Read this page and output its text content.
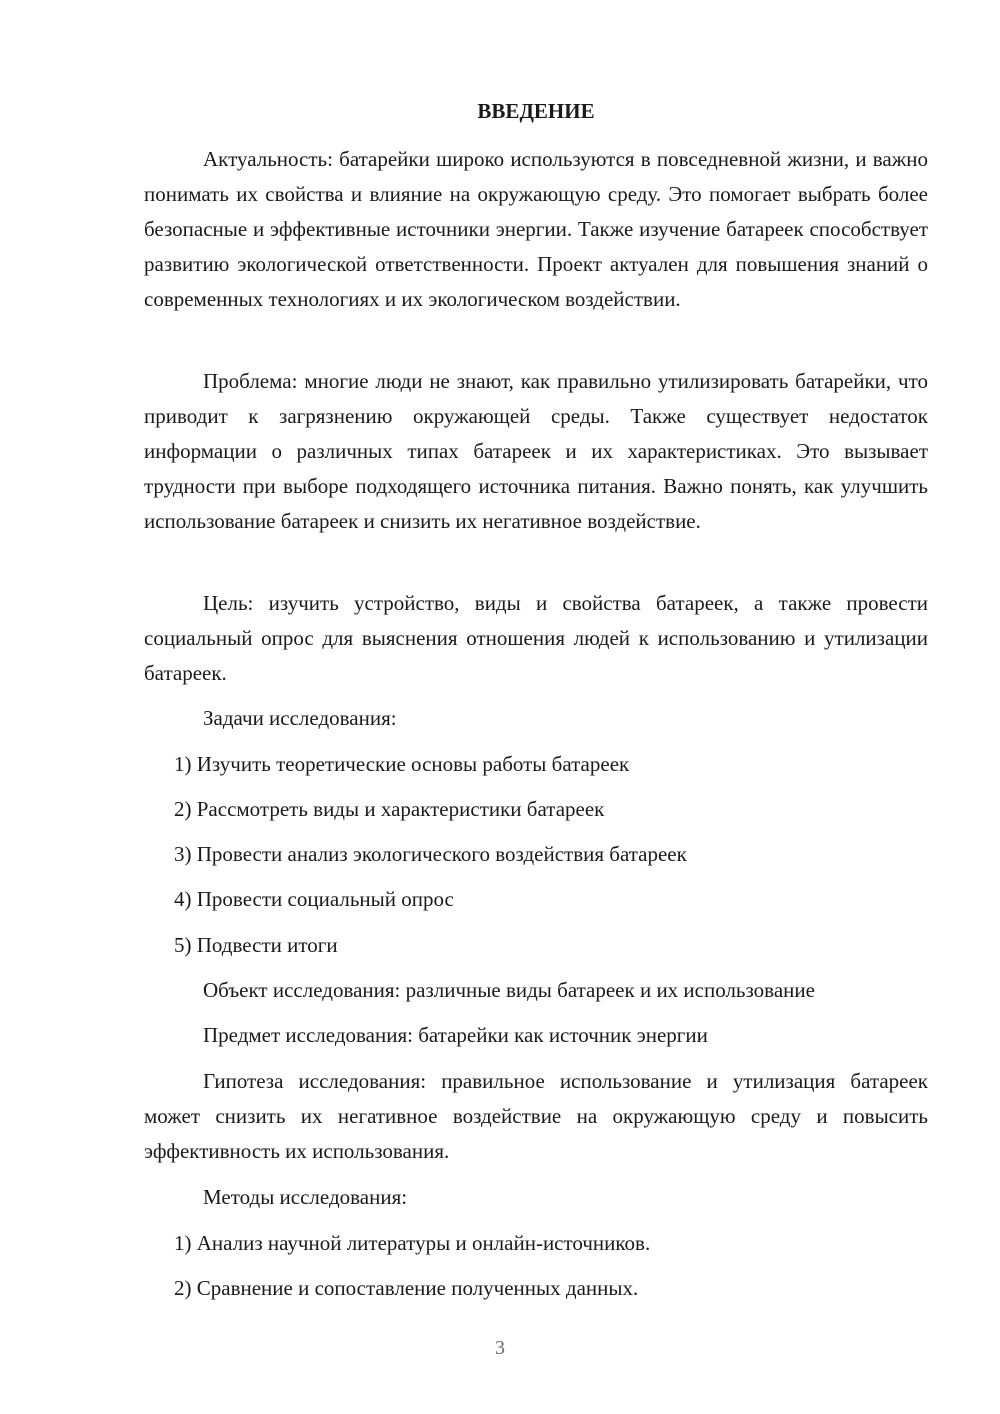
ВВЕДЕНИЕ

Актуальность: батарейки широко используются в повседневной жизни, и важно понимать их свойства и влияние на окружающую среду. Это помогает выбрать более безопасные и эффективные источники энергии. Также изучение батареек способствует развитию экологической ответственности. Проект актуален для повышения знаний о современных технологиях и их экологическом воздействии.

Проблема: многие люди не знают, как правильно утилизировать батарейки, что приводит к загрязнению окружающей среды. Также существует недостаток информации о различных типах батареек и их характеристиках. Это вызывает трудности при выборе подходящего источника питания. Важно понять, как улучшить использование батареек и снизить их негативное воздействие.

Цель: изучить устройство, виды и свойства батареек, а также провести социальный опрос для выяснения отношения людей к использованию и утилизации батареек.

Задачи исследования:

1) Изучить теоретические основы работы батареек

2) Рассмотреть виды и характеристики батареек

3) Провести анализ экологического воздействия батареек

4) Провести социальный опрос

5) Подвести итоги

Объект исследования: различные виды батареек и их использование

Предмет исследования: батарейки как источник энергии

Гипотеза исследования: правильное использование и утилизация батареек может снизить их негативное воздействие на окружающую среду и повысить эффективность их использования.

Методы исследования:

1) Анализ научной литературы и онлайн-источников.

2) Сравнение и сопоставление полученных данных.

3
